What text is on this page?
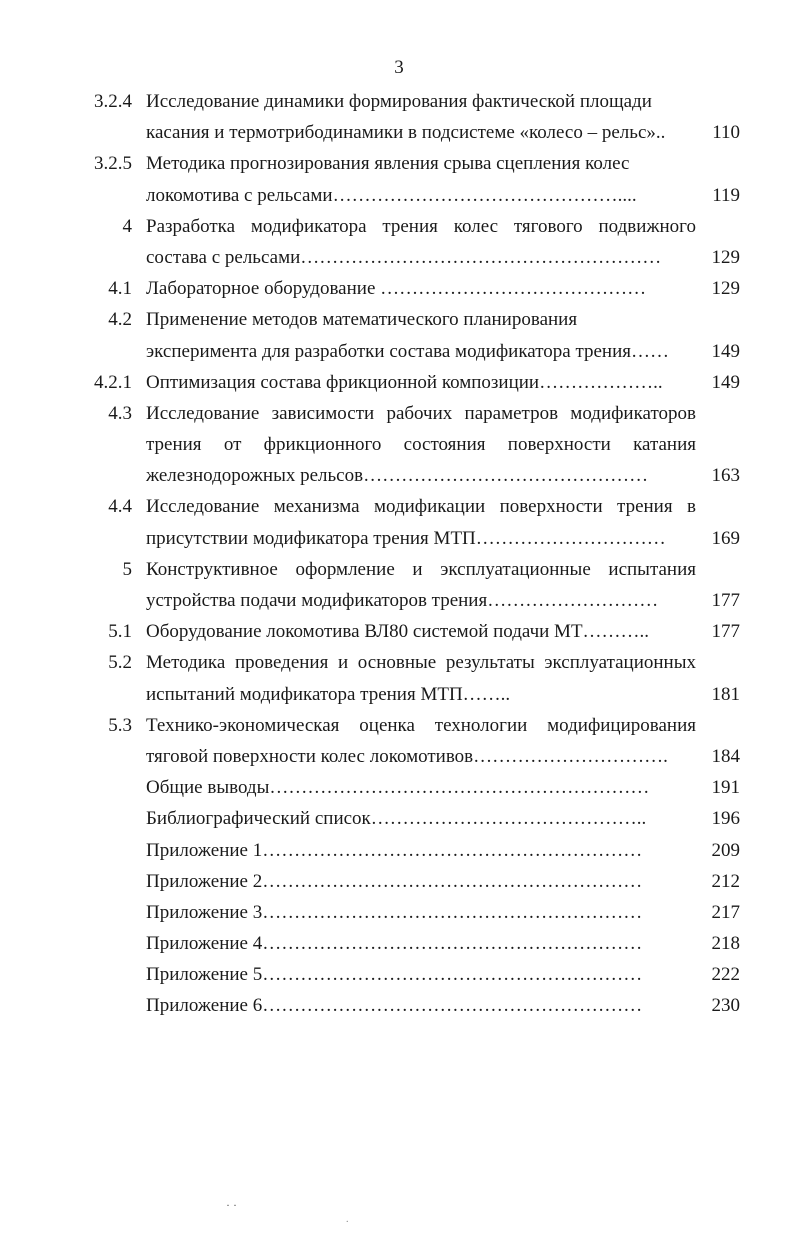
3
3.2.4 Исследование динамики формирования фактической площади
касания и термотрибодинамики в подсистеме «колесо – рельс».. 110
3.2.5 Методика прогнозирования явления срыва сцепления колес
локомотива с рельсами………………………………………....	119
4 Разработка модификатора трения колес тягового подвижного
состава с рельсами…………………………………………………	129
4.1 Лабораторное оборудование ……………………………………	129
4.2 Применение методов математического планирования
эксперимента для разработки состава модификатора трения…… 149
4.2.1 Оптимизация состава фрикционной композиции………………..	149
4.3 Исследование зависимости рабочих параметров модификаторов
трения от фрикционного состояния поверхности катания
железнодорожных рельсов………………………………………	163
4.4 Исследование механизма модификации поверхности трения в
присутствии модификатора трения МТП………………………… 169
5 Конструктивное оформление и эксплуатационные испытания
устройства подачи модификаторов трения………………………	177
5.1 Оборудование локомотива ВЛ80 системой подачи МТ………..	177
5.2 Методика проведения и основные результаты эксплуатационных
испытаний модификатора трения МТП……..	181
5.3 Технико-экономическая оценка технологии модифицирования
тяговой поверхности колес локомотивов…………………………. 184
Общие выводы……………………………………………………	191
Библиографический список……………………………………..	196
Приложение 1……………………………………………………	209
Приложение 2……………………………………………………	212
Приложение 3……………………………………………………	217
Приложение 4……………………………………………………	218
Приложение 5……………………………………………………	222
Приложение 6……………………………………………………	230
· ·
.
